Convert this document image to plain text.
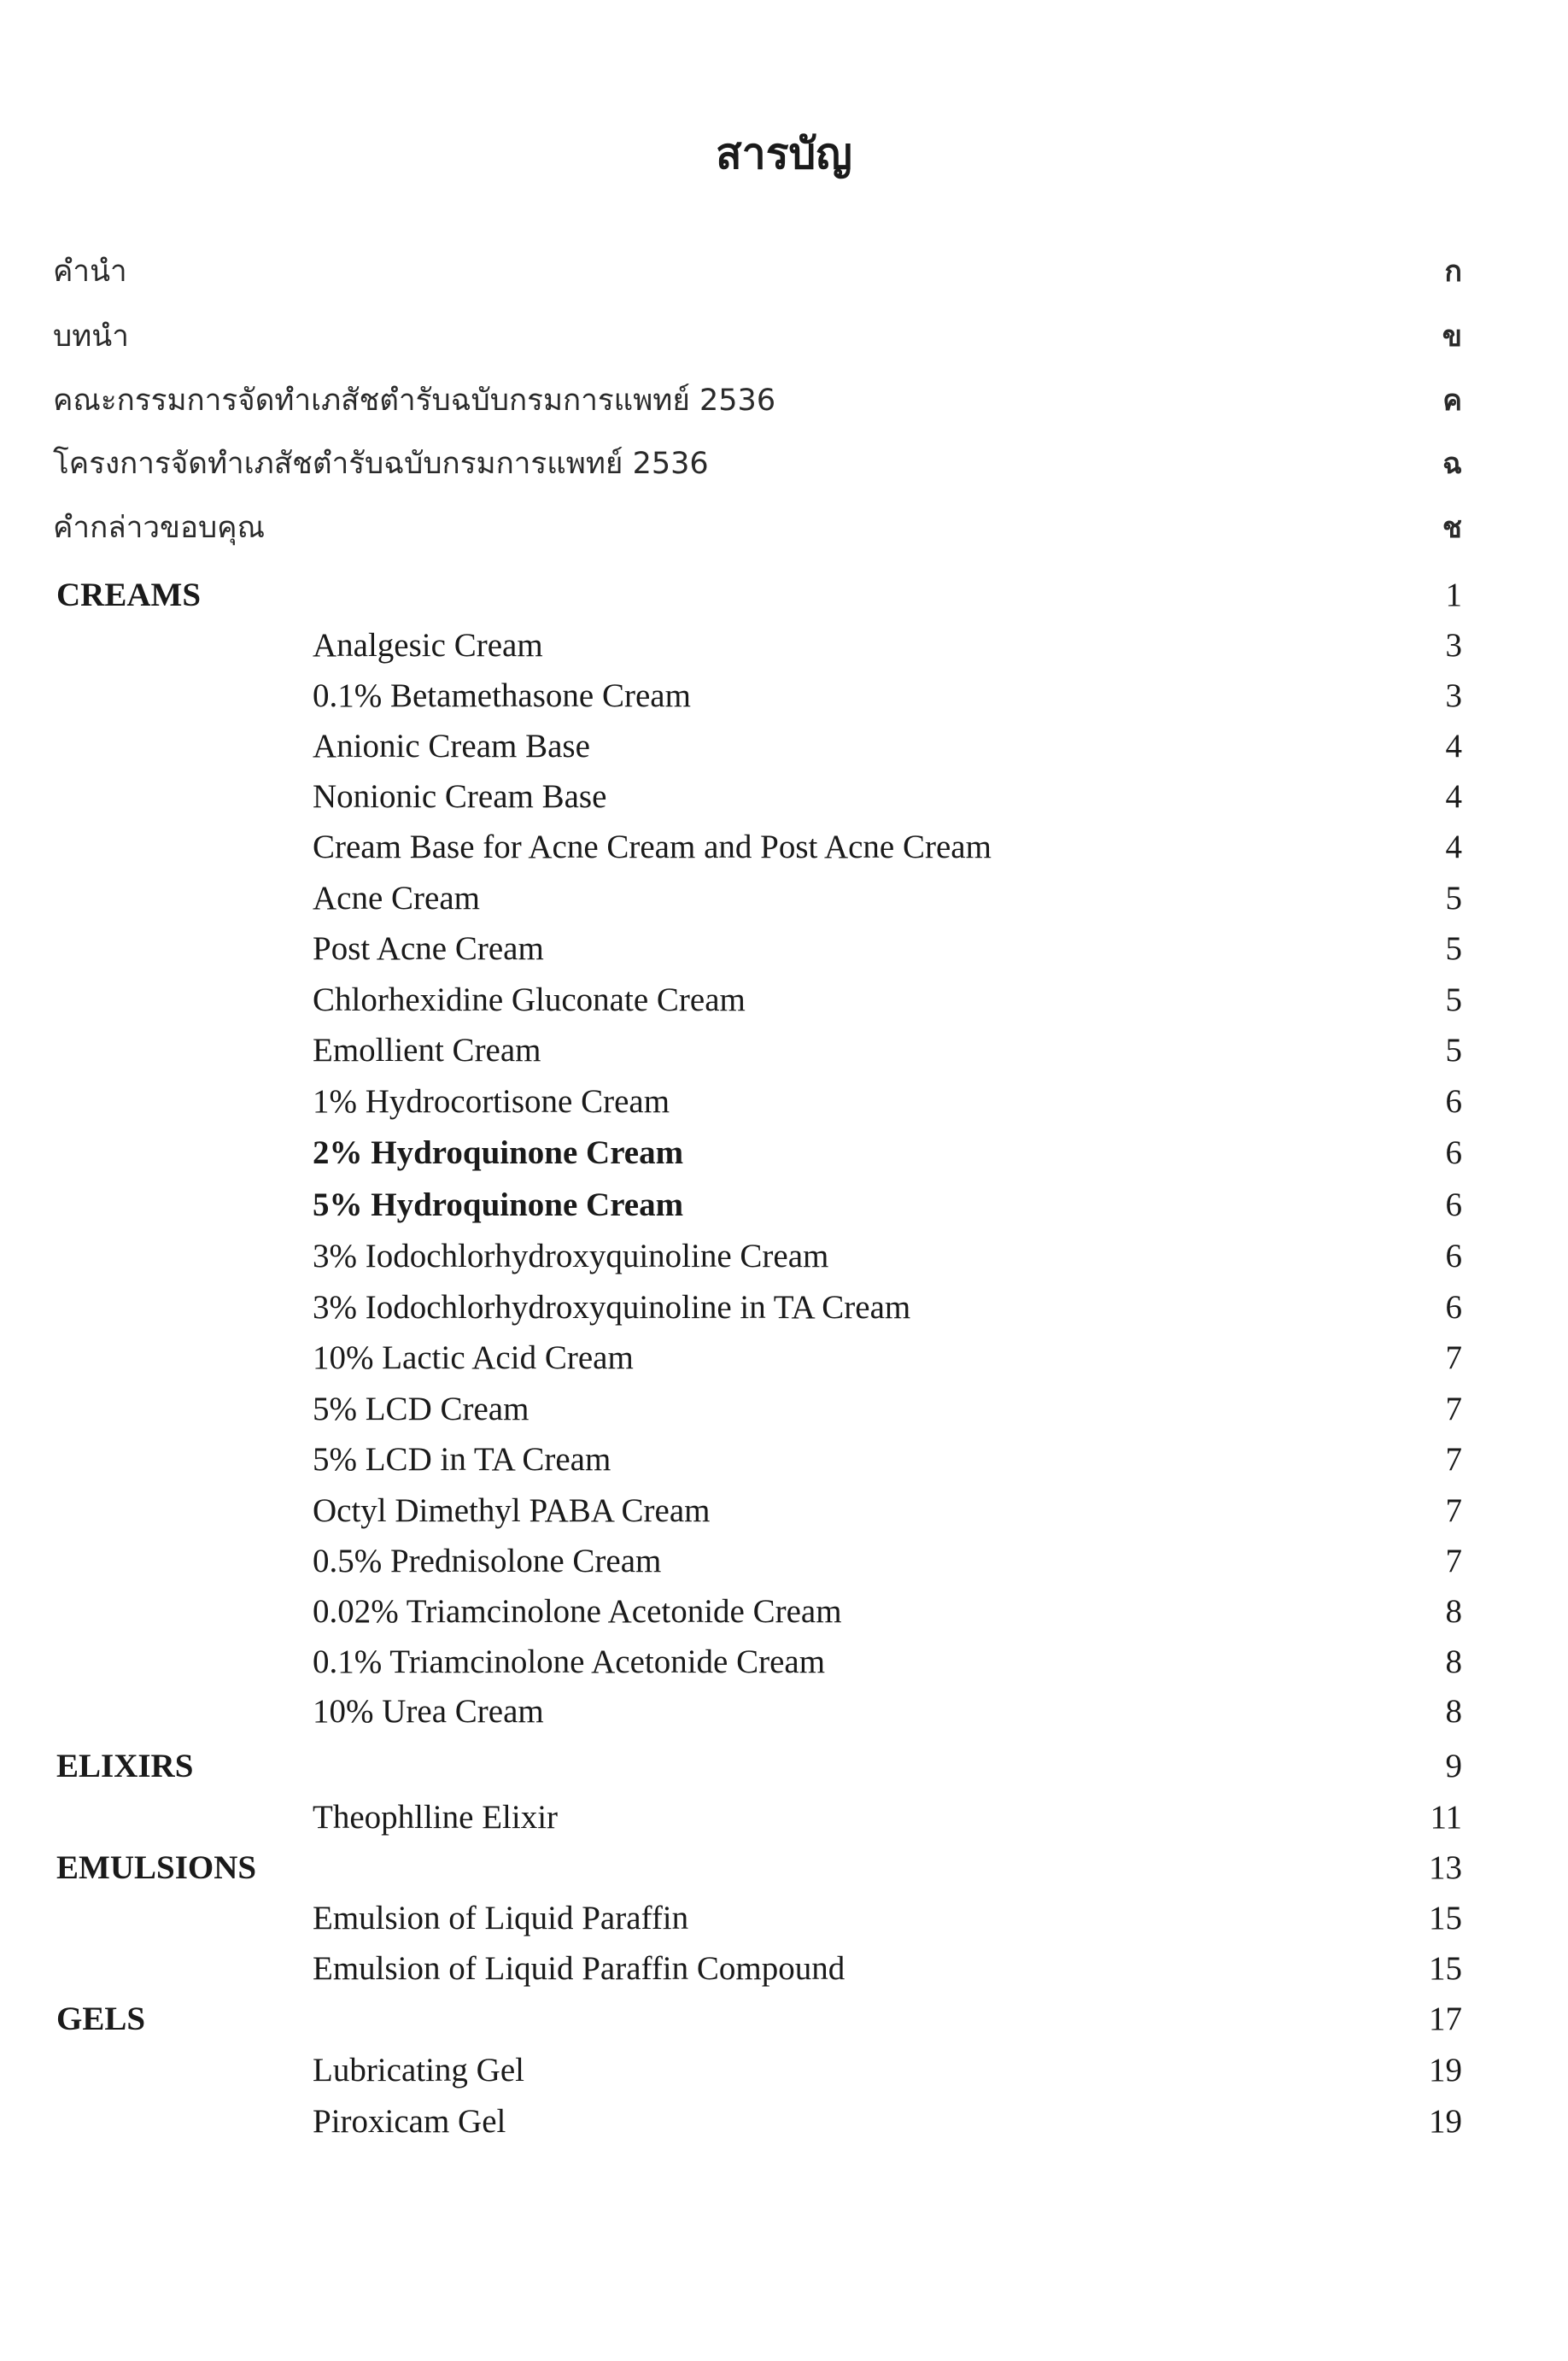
สารบัญ
คำนำ	ก
บทนำ	ข
คณะกรรมการจัดทำเภสัชตำรับฉบับกรมการแพทย์ 2536	ค
โครงการจัดทำเภสัชตำรับฉบับกรมการแพทย์ 2536	ฉ
คำกล่าวขอบคุณ	ช
CREAMS	1
Analgesic Cream	3
0.1% Betamethasone Cream	3
Anionic Cream Base	4
Nonionic Cream Base	4
Cream Base for Acne Cream and Post Acne Cream	4
Acne Cream	5
Post Acne Cream	5
Chlorhexidine Gluconate Cream	5
Emollient Cream	5
1% Hydrocortisone Cream	6
2% Hydroquinone Cream	6
5% Hydroquinone Cream	6
3% Iodochlorhydroxyquinoline Cream	6
3% Iodochlorhydroxyquinoline in TA Cream	6
10% Lactic Acid Cream	7
5% LCD Cream	7
5% LCD in TA Cream	7
Octyl Dimethyl PABA Cream	7
0.5% Prednisolone Cream	7
0.02% Triamcinolone Acetonide Cream	8
0.1% Triamcinolone Acetonide Cream	8
10% Urea Cream	8
ELIXIRS	9
Theophlline Elixir	11
EMULSIONS	13
Emulsion of Liquid Paraffin	15
Emulsion of Liquid Paraffin Compound	15
GELS	17
Lubricating Gel	19
Piroxicam Gel	19
